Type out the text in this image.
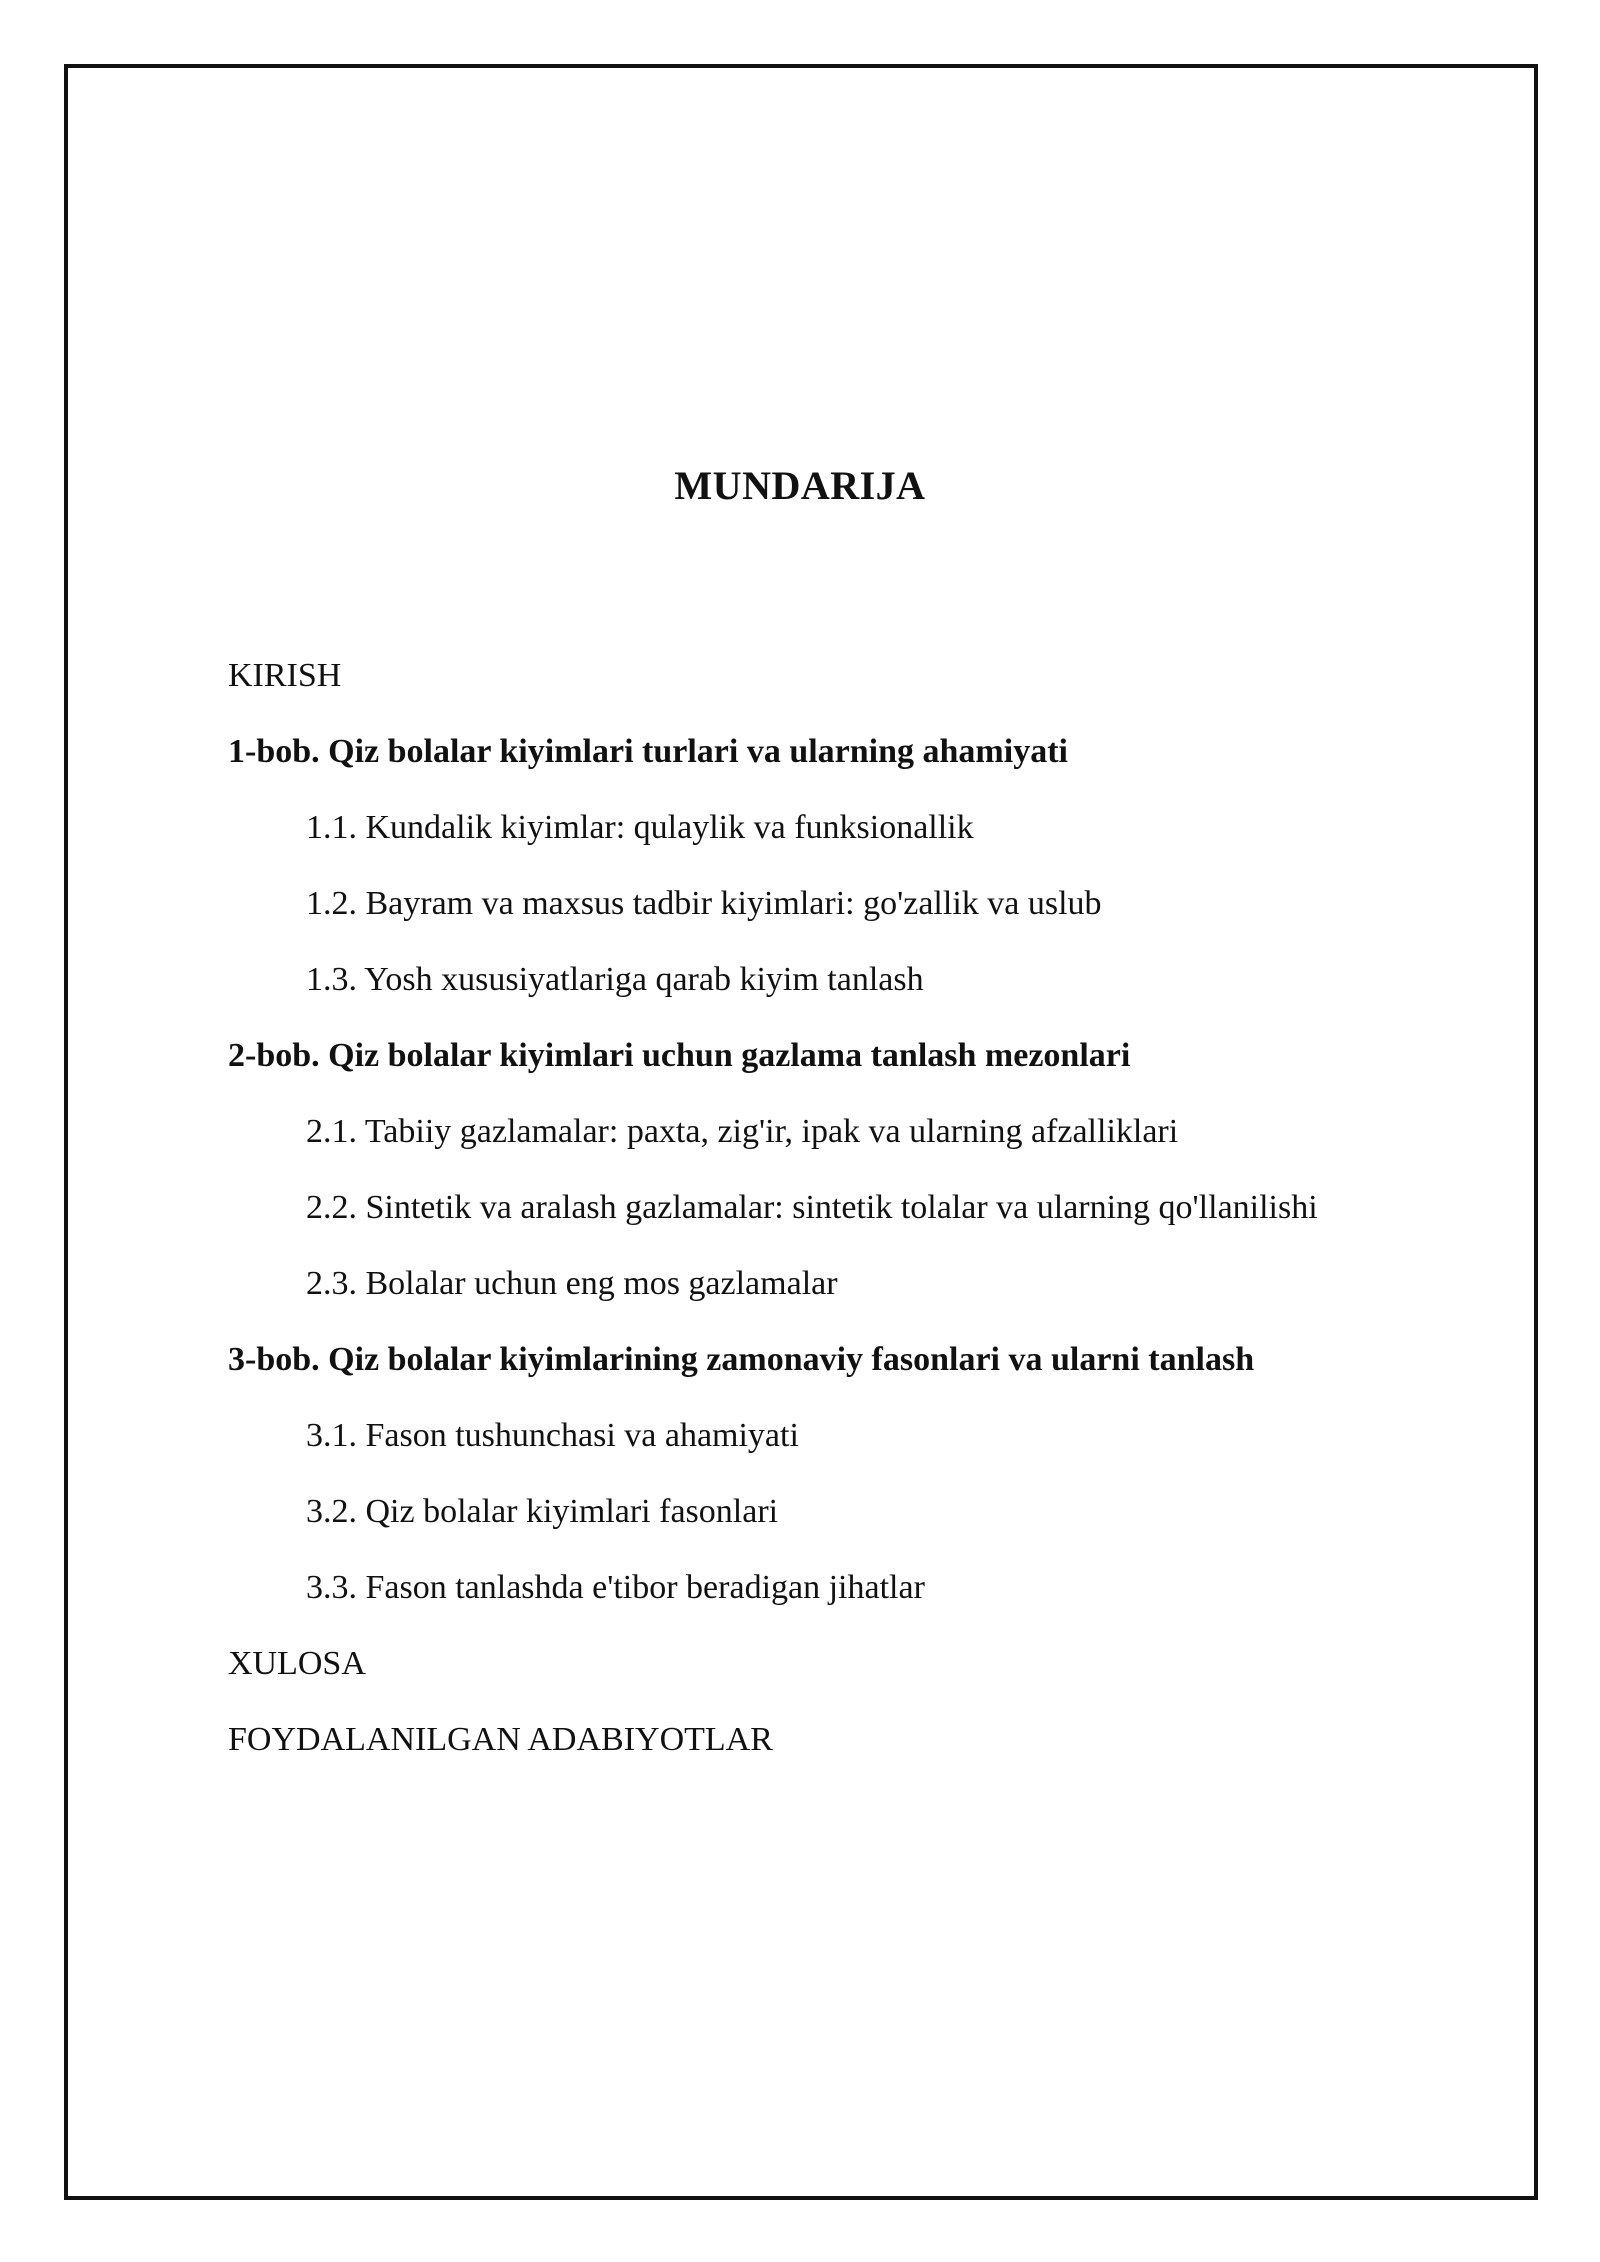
MUNDARIJA
KIRISH
1-bob. Qiz bolalar kiyimlari turlari va ularning ahamiyati
1.1. Kundalik kiyimlar: qulaylik va funksionallik
1.2. Bayram va maxsus tadbir kiyimlari: go'zallik va uslub
1.3. Yosh xususiyatlariga qarab kiyim tanlash
2-bob. Qiz bolalar kiyimlari uchun gazlama tanlash mezonlari
2.1. Tabiiy gazlamalar: paxta, zig'ir, ipak va ularning afzalliklari
2.2. Sintetik va aralash gazlamalar: sintetik tolalar va ularning qo'llanilishi
2.3. Bolalar uchun eng mos gazlamalar
3-bob. Qiz bolalar kiyimlarining zamonaviy fasonlari va ularni tanlash
3.1. Fason tushunchasi va ahamiyati
3.2. Qiz bolalar kiyimlari fasonlari
3.3. Fason tanlashda e'tibor beradigan jihatlar
XULOSA
FOYDALANILGAN ADABIYOTLAR
